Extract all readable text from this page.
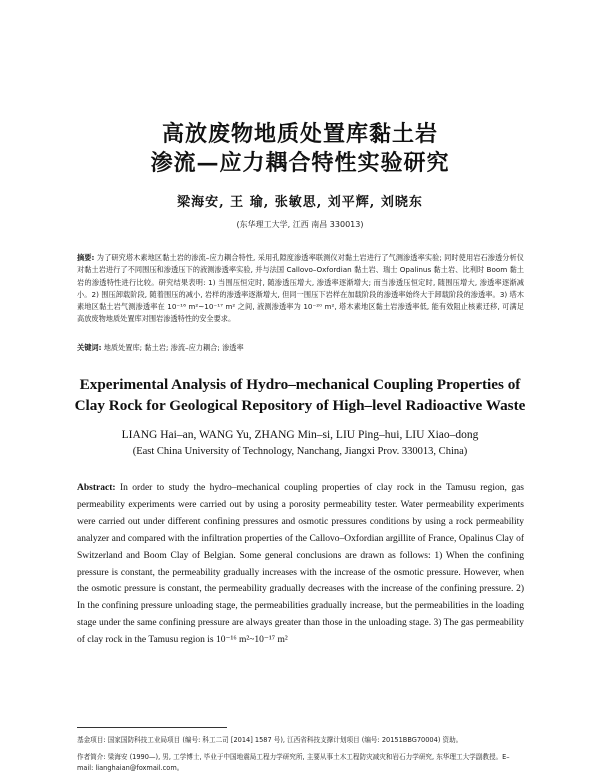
高放废物地质处置库黏土岩
渗流—应力耦合特性实验研究
梁海安, 王 瑜, 张敏思, 刘平辉, 刘晓东
(东华理工大学, 江西 南昌 330013)
摘要: 为了研究塔木素地区黏土岩的渗流–应力耦合特性, 采用孔隙度渗透率联测仪对黏土岩进行了气测渗透率实验; 同时使用岩石渗透分析仪对黏土岩进行了不同围压和渗透压下的液测渗透率实验, 并与法国 Callovo–Oxfordian 黏土岩、瑞士 Opalinus 黏土岩、比利时 Boom 黏土岩的渗透特性进行比较。研究结果表明: 1) 当围压恒定时, 随渗透压增大, 渗透率逐渐增大; 而当渗透压恒定时, 随围压增大, 渗透率逐渐减小。2) 围压卸载阶段, 随着围压的减小, 岩样的渗透率逐渐增大, 但同一围压下岩样在加载阶段的渗透率始终大于卸载阶段的渗透率。3) 塔木素地区黏土岩气测渗透率在 10⁻¹⁶ m²~10⁻¹⁷ m² 之间, 液测渗透率为 10⁻²⁰ m², 塔木素地区黏土岩渗透率低, 能有效阻止核素迁移, 可满足高放废物地质处置库对围岩渗透特性的安全要求。
关键词: 地质处置库; 黏土岩; 渗流–应力耦合; 渗透率
Experimental Analysis of Hydro–mechanical Coupling Properties of
Clay Rock for Geological Repository of High–level Radioactive Waste
LIANG Hai–an, WANG Yu, ZHANG Min–si, LIU Ping–hui, LIU Xiao–dong
(East China University of Technology, Nanchang, Jiangxi Prov. 330013, China)
Abstract: In order to study the hydro–mechanical coupling properties of clay rock in the Tamusu region, gas permeability experiments were carried out by using a porosity permeability tester. Water permeability experiments were carried out under different confining pressures and osmotic pressures conditions by using a rock permeability analyzer and compared with the infiltration properties of the Callovo–Oxfordian argillite of France, Opalinus Clay of Switzerland and Boom Clay of Belgian. Some general conclusions are drawn as follows: 1) When the confining pressure is constant, the permeability gradually increases with the increase of the osmotic pressure. However, when the osmotic pressure is constant, the permeability gradually decreases with the increase of the confining pressure. 2) In the confining pressure unloading stage, the permeabilities gradually increase, but the permeabilities in the loading stage under the same confining pressure are always greater than those in the unloading stage. 3) The gas permeability of clay rock in the Tamusu region is 10⁻¹⁶ m²~10⁻¹⁷ m²
基金项目: 国家国防科技工业局项目 (编号: 科工二司 [2014] 1587 号), 江西省科技支撑计划项目 (编号: 20151BBG70004) 资助。
作者简介: 梁海安 (1990—), 男, 工学博士, 毕业于中国地震局工程力学研究所, 主要从事土木工程防灾减灾和岩石力学研究, 东华理工大学副教授。E–mail: lianghaian@foxmail.com。
